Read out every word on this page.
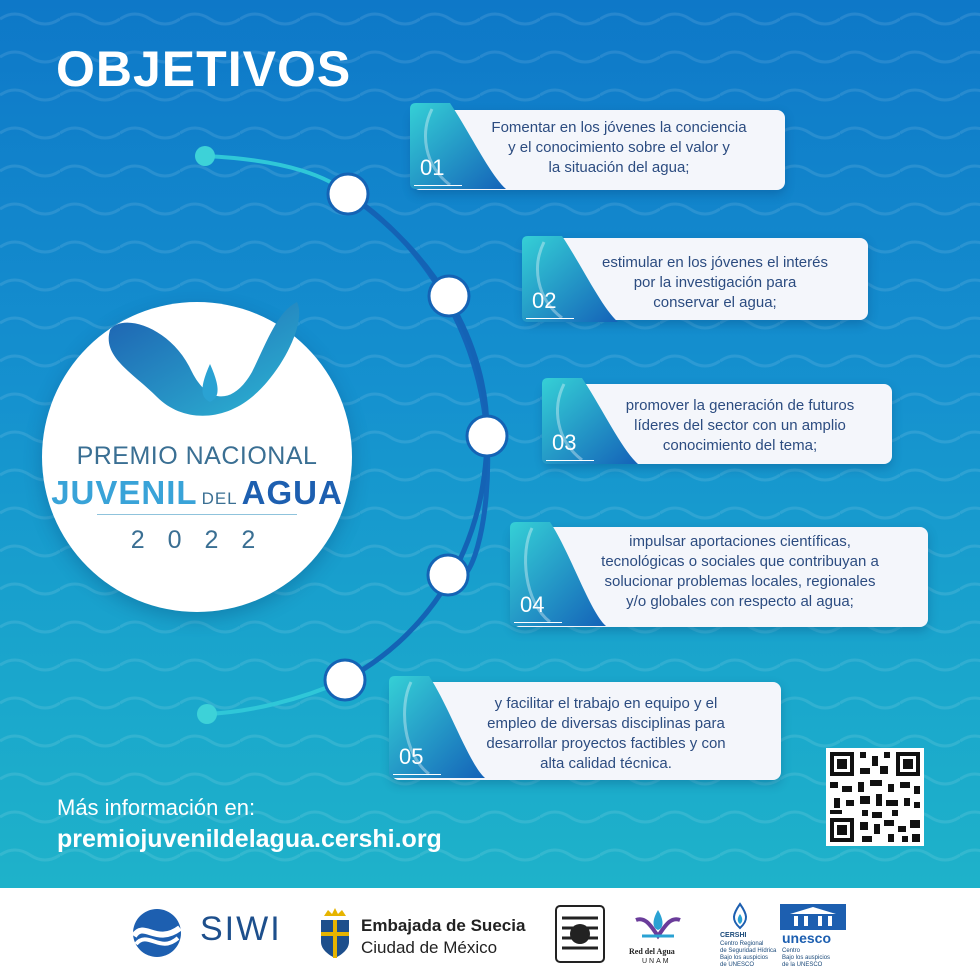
OBJETIVOS
PREMIO NACIONAL
JUVENIL DEL AGUA
2 0 2 2
01
Fomentar en los jóvenes la conciencia
y el conocimiento sobre el valor y
la situación del agua;
02
estimular en los jóvenes el interés
por la investigación para
conservar el agua;
03
promover la generación de futuros
líderes del sector con un amplio
conocimiento del tema;
04
impulsar aportaciones científicas,
tecnológicas o sociales que contribuyan a
solucionar problemas locales, regionales
y/o globales con respecto al agua;
05
y facilitar el trabajo en equipo y el
empleo de diversas disciplinas para
desarrollar proyectos factibles y con
alta calidad técnica.
Más información en:
premiojuvenildelagua.cershi.org
SIWI	Embajada de Suecia
Ciudad de México	Red del Agua
UNAM
CERSHI
Centro Regional
de Seguridad Hídrica
Bajo los auspicios
de UNESCO
unesco
Centro
Bajo los auspicios
de la UNESCO
